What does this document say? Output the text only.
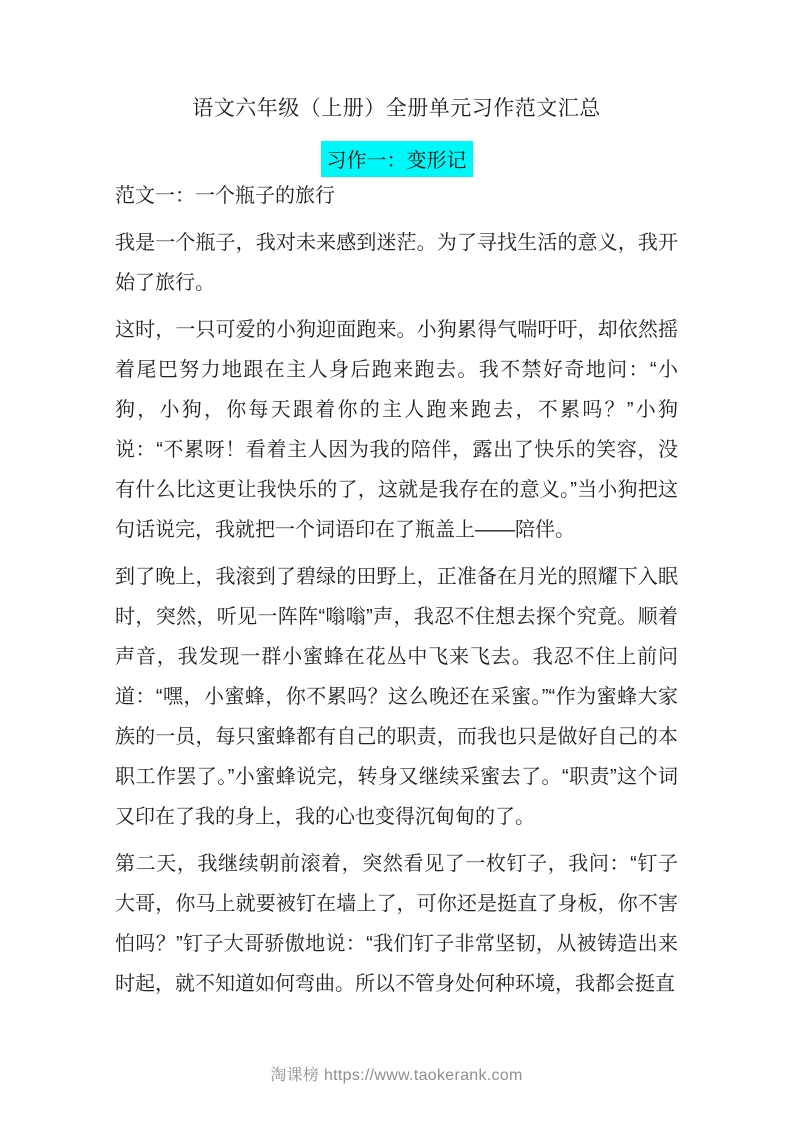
语文六年级（上册）全册单元习作范文汇总
习作一：变形记

范文一：一个瓶子的旅行

我是一个瓶子，我对未来感到迷茫。为了寻找生活的意义，我开始了旅行。

这时，一只可爱的小狗迎面跑来。小狗累得气喘吁吁，却依然摇着尾巴努力地跟在主人身后跑来跑去。我不禁好奇地问：“小狗，小狗，你每天跟着你的主人跑来跑去，不累吗？”小狗说：“不累呀！看着主人因为我的陪伴，露出了快乐的笑容，没有什么比这更让我快乐的了，这就是我存在的意义。”当小狗把这句话说完，我就把一个词语印在了瓶盖上——陪伴。

到了晚上，我滚到了碧绿的田野上，正准备在月光的照耀下入眠时，突然，听见一阵阵“嗡嗡”声，我忍不住想去探个究竟。顺着声音，我发现一群小蜜蜂在花丛中飞来飞去。我忍不住上前问道：“嘿，小蜜蜂，你不累吗？这么晚还在采蜜。”“作为蜜蜂大家族的一员，每只蜜蜂都有自己的职责，而我也只是做好自己的本职工作罢了。”小蜜蜂说完，转身又继续采蜜去了。“职责”这个词又印在了我的身上，我的心也变得沉甸甸的了。

第二天，我继续朝前滚着，突然看见了一枚钉子，我问：“钉子大哥，你马上就要被钉在墙上了，可你还是挺直了身板，你不害怕吗？”钉子大哥骄傲地说：“我们钉子非常坚韧，从被铸造出来时起，就不知道如何弯曲。所以不管身处何种环境，我都会挺直

淘课榜 https://www.taokerank.com
